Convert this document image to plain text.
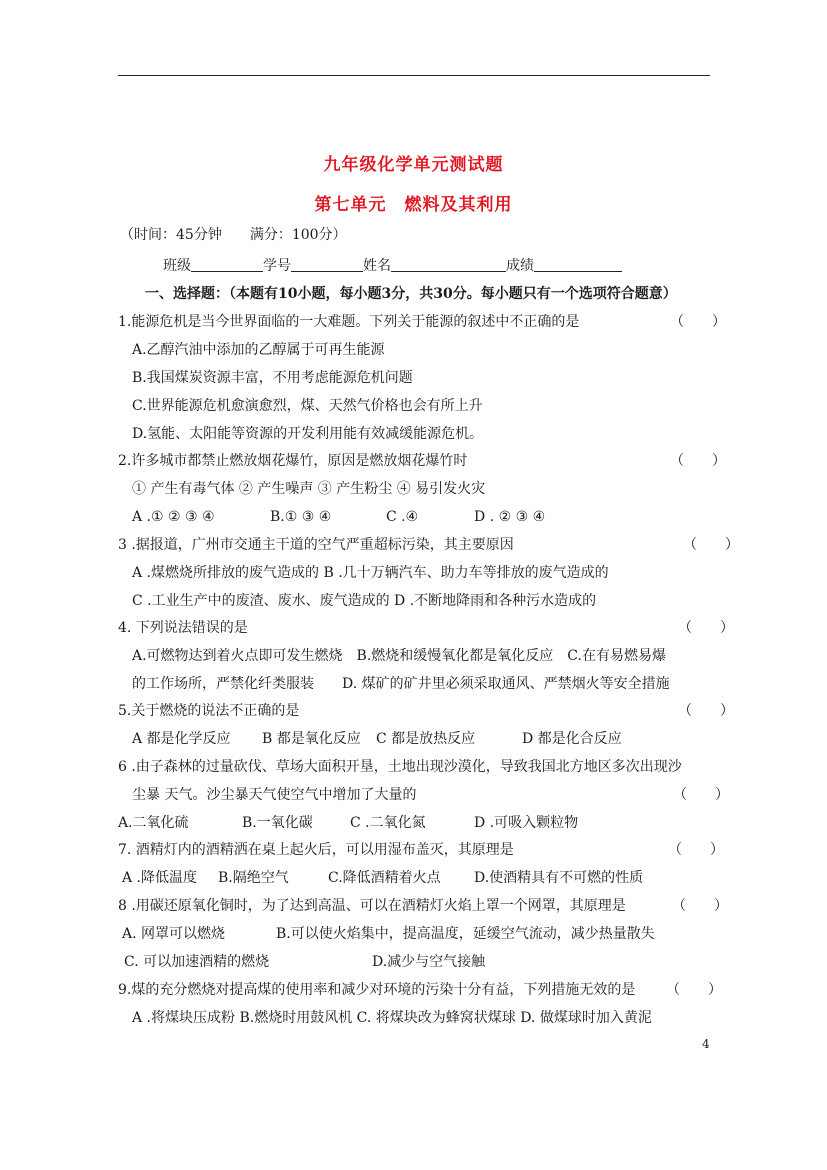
九年级化学单元测试题
第七单元　燃料及其利用
（时间：45分钟　　满分：100分）
班级	学号	姓名	成绩
一、选择题：（本题有10小题，每小题3分，共30分。每小题只有一个选项符合题意）
1.能源危机是当今世界面临的一大难题。下列关于能源的叙述中不正确的是	（　　）
A.乙醇汽油中添加的乙醇属于可再生能源
B.我国煤炭资源丰富，不用考虑能源危机问题
C.世界能源危机愈演愈烈，煤、天然气价格也会有所上升
D.氢能、太阳能等资源的开发利用能有效减缓能源危机。
2.许多城市都禁止燃放烟花爆竹，原因是燃放烟花爆竹时	（　　）
① 产生有毒气体 ② 产生噪声 ③ 产生粉尘 ④ 易引发火灾
A .① ② ③ ④	B.① ③ ④	C .④	D . ② ③ ④
3 .据报道，广州市交通主干道的空气严重超标污染，其主要原因	（　　）
A .煤燃烧所排放的废气造成的 B .几十万辆汽车、助力车等排放的废气造成的
C .工业生产中的废渣、废水、废气造成的 D .不断地降雨和各种污水造成的
4. 下列说法错误的是	（　　）
A.可燃物达到着火点即可发生燃烧　B.燃烧和缓慢氧化都是氧化反应　C.在有易燃易爆
的工作场所，严禁化纤类服装　　D. 煤矿的矿井里必须采取通风、严禁烟火等安全措施
5.关于燃烧的说法不正确的是	（　　）
A 都是化学反应 B 都是氧化反应 C 都是放热反应	D 都是化合反应
6 .由子森林的过量砍伐、草场大面积开垦，土地出现沙漠化，导致我国北方地区多次出现沙
尘暴 天气。沙尘暴天气使空气中增加了大量的	（　　）
A.二氧化硫	B.一氧化碳	C .二氧化氮	D .可吸入颗粒物
7. 酒精灯内的酒精洒在桌上起火后，可以用湿布盖灭，其原理是	（　　）
A .降低温度 B.隔绝空气	C.降低酒精着火点 D.使酒精具有不可燃的性质
8 .用碳还原氧化铜时，为了达到高温、可以在酒精灯火焰上罩一个网罩，其原理是	（　　）
A. 网罩可以燃烧	B.可以使火焰集中，提高温度，延缓空气流动，减少热量散失
C. 可以加速酒精的燃烧	D.减少与空气接触
9.煤的充分燃烧对提高煤的使用率和减少对环境的污染十分有益，下列措施无效的是 （　　）
A .将煤块压成粉 B.燃烧时用鼓风机 C. 将煤块改为蜂窝状煤球 D. 做煤球时加入黄泥
4
